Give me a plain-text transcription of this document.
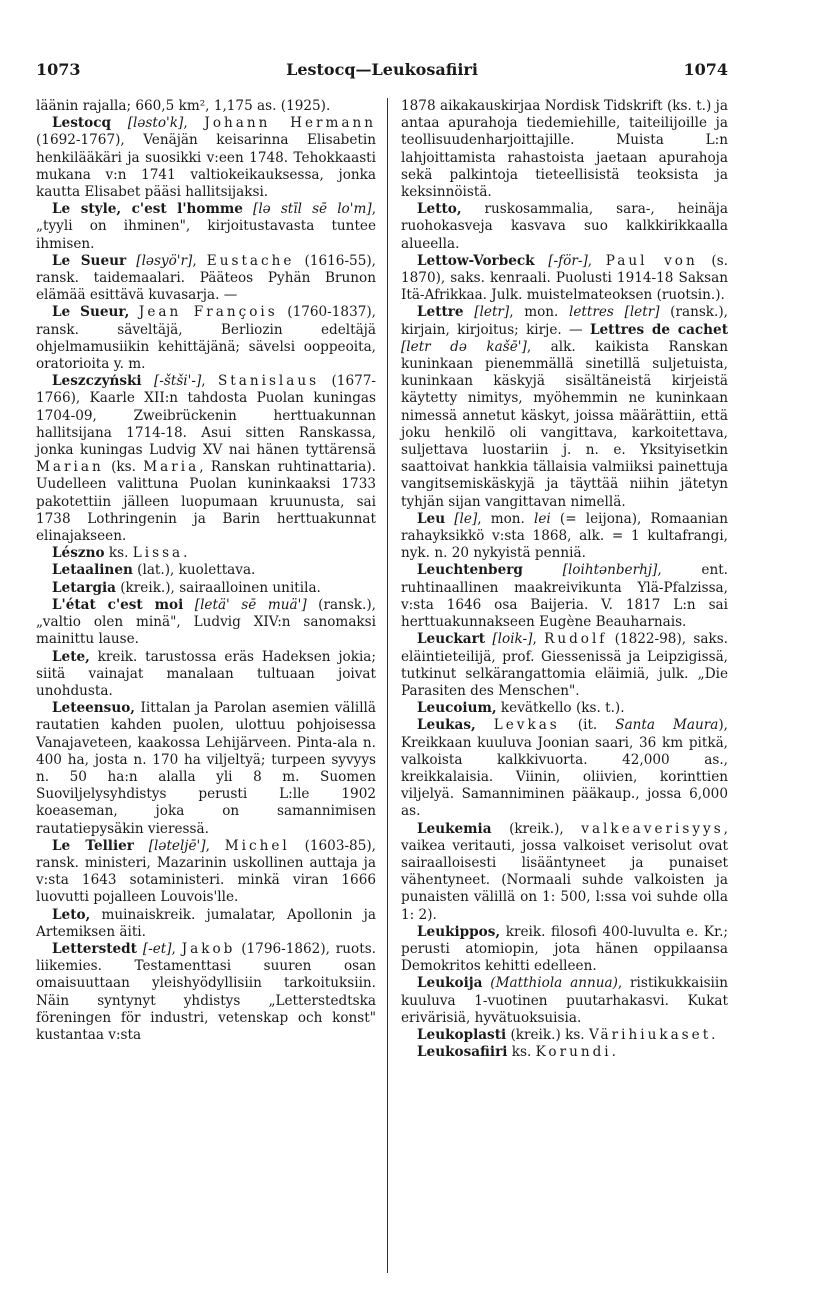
1073	Lestocq—Leukosafiiri	1074

läänin rajalla; 660,5 km², 1,175 as. (1925).

Lestocq [ləsto'k], Johann Hermann (1692-1767), Venäjän keisarinna Elisabetin henkilääkäri ja suosikki v:een 1748. Tehokkaasti mukana v:n 1741 valtiokeikauksessa, jonka kautta Elisabet pääsi hallitsijaksi.

Le style, c'est l'homme [lə stīl sē lo'm], „tyyli on ihminen", kirjoitustavasta tuntee ihmisen.

Le Sueur [ləsyö'r], Eustache (1616-55), ransk. taidemaalari. Pääteos Pyhän Brunon elämää esittävä kuvasarja. —

Le Sueur, Jean François (1760-1837), ransk. säveltäjä, Berliozin edeltäjä ohjelmamusiikin kehittäjänä; sävelsi ooppeoita, oratorioita y. m.

Leszczyński [-štši'-], Stanislaus (1677-1766), Kaarle XII:n tahdosta Puolan kuningas 1704-09, Zweibrückenin herttuakunnan hallitsijana 1714-18. Asui sitten Ranskassa, jonka kuningas Ludvig XV nai hänen tyttärensä Marian (ks. Maria, Ranskan ruhtinattaria). Uudelleen valittuna Puolan kuninkaaksi 1733 pakotettiin jälleen luopumaan kruunusta, sai 1738 Lothringenin ja Barin herttuakunnat elinajakseen.

Lészno ks. Lissa.

Letaalinen (lat.), kuolettava.

Letargia (kreik.), sairaalloinen unitila.

L'état c'est moi [letä' sē muä'] (ransk.), „valtio olen minä", Ludvig XIV:n sanomaksi mainittu lause.

Lete, kreik. tarustossa eräs Hadeksen jokia; siitä vainajat manalaan tultuaan joivat unohdusta.

Leteensuo, Iittalan ja Parolan asemien välillä rautatien kahden puolen, ulottuu pohjoisessa Vanajaveteen, kaakossa Lehijärveen. Pinta-ala n. 400 ha, josta n. 170 ha viljeltyä; turpeen syvyys n. 50 ha:n alalla yli 8 m. Suomen Suoviljelysyhdistys perusti L:lle 1902 koeaseman, joka on samannimisen rautatiepysäkin vieressä.

Le Tellier [ləteljē'], Michel (1603-85), ransk. ministeri, Mazarinin uskollinen auttaja ja v:sta 1643 sotaministeri. minkä viran 1666 luovutti pojalleen Louvois'lle.

Leto, muinaiskreik. jumalatar, Apollonin ja Artemiksen äiti.

Letterstedt [-et], Jakob (1796-1862), ruots. liikemies. Testamenttasi suuren osan omaisuuttaan yleishyödyllisiin tarkoituksiin. Näin syntynyt yhdistys „Letterstedtska föreningen för industri, vetenskap och konst" kustantaa v:sta

1878 aikakauskirjaa Nordisk Tidskrift (ks. t.) ja antaa apurahoja tiedemiehille, taiteilijoille ja teollisuudenharjoittajille. Muista L:n lahjoittamista rahastoista jaetaan apurahoja sekä palkintoja tieteellisistä teoksista ja keksinnöistä.

Letto, ruskosammalia, sara-, heinäja ruohokasveja kasvava suo kalkkirikkaalla alueella.

Lettow-Vorbeck [-för-], Paul von (s. 1870), saks. kenraali. Puolusti 1914-18 Saksan Itä-Afrikkaa. Julk. muistelmateoksen (ruotsin.).

Lettre [letr], mon. lettres [letr] (ransk.), kirjain, kirjoitus; kirje. — Lettres de cachet [letr də kašē'], alk. kaikista Ranskan kuninkaan pienemmällä sinetillä suljetuista, kuninkaan käskyjä sisältäneistä kirjeistä käytetty nimitys, myöhemmin ne kuninkaan nimessä annetut käskyt, joissa määrättiin, että joku henkilö oli vangittava, karkoitettava, suljettava luostariin j. n. e. Yksityisetkin saattoivat hankkia tällaisia valmiiksi painettuja vangitsemiskäskyjä ja täyttää niihin jätetyn tyhjän sijan vangittavan nimellä.

Leu [le], mon. lei (= leijona), Romaanian rahayksikkö v:sta 1868, alk. = 1 kultafrangi, nyk. n. 20 nykyistä penniä.

Leuchtenberg	[loihtənberhj], ent. ruhtinaallinen maakreivikunta Ylä-Pfalzissa, v:sta 1646 osa Baijeria. V. 1817 L:n sai herttuakunnakseen Eugène Beauharnais.

Leuckart [loik-], Rudolf (1822-98), saks. eläintieteilijä, prof. Giessenissä ja Leipzigissä, tutkinut selkärangattomia eläimiä, julk. „Die Parasiten des Menschen".

Leucoium, kevätkello (ks. t.).

Leukas, Levkas (it. Santa Maura), Kreikkaan kuuluva Joonian saari, 36 km pitkä, valkoista kalkkivuorta. 42,000 as., kreikkalaisia. Viinin, oliivien, korinttien viljelyä. Samanniminen pääkaup., jossa 6,000 as.

Leukemia (kreik.), valkeaverisyys, vaikea veritauti, jossa valkoiset verisolut ovat sairaalloisesti lisääntyneet ja punaiset vähentyneet. (Normaali suhde valkoisten ja punaisten välillä on 1: 500, l:ssa voi suhde olla 1: 2).

Leukippos, kreik. filosofi 400-luvulta e. Kr.; perusti atomiopin, jota hänen oppilaansa Demokritos kehitti edelleen.

Leukoija (Matthiola annua), ristikukkaisiin kuuluva 1-vuotinen puutarhakasvi. Kukat erivärisiä, hyvätuoksuisia.

Leukoplasti (kreik.) ks. Värihiukaset.

Leukosafiiri ks. Korundi.
